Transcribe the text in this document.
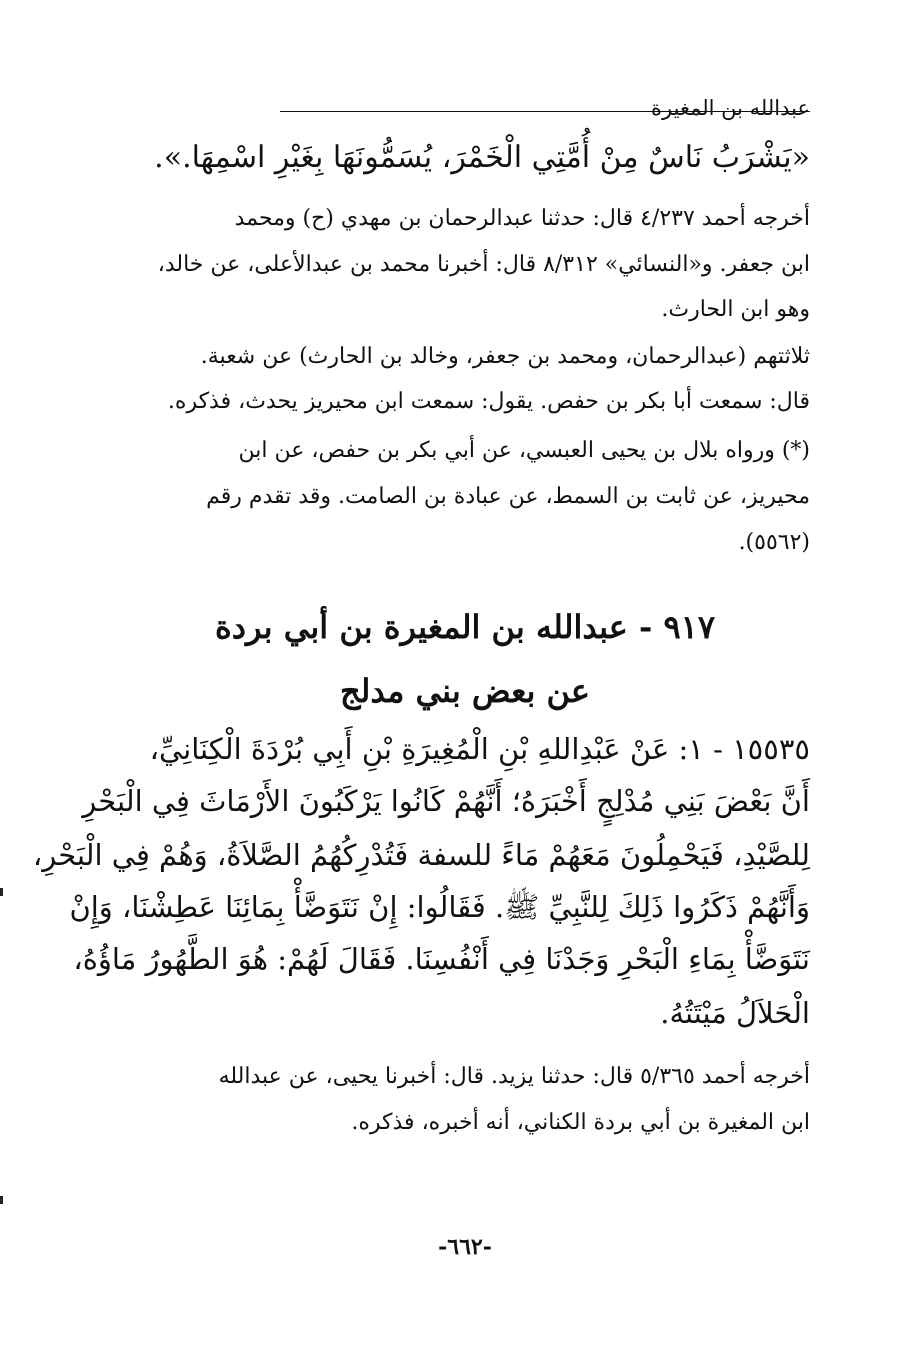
عبدالله بن المغيرة
«يَشْرَبُ نَاسٌ مِنْ أُمَّتِي الْخَمْرَ، يُسَمُّونَهَا بِغَيْرِ اسْمِهَا.».
أخرجه أحمد ٤/٢٣٧ قال: حدثنا عبدالرحمان بن مهدي (ح) ومحمد
ابن جعفر. و«النسائي» ٨/٣١٢ قال: أخبرنا محمد بن عبدالأعلى، عن خالد،
وهو ابن الحارث.
ثلاثتهم (عبدالرحمان، ومحمد بن جعفر، وخالد بن الحارث) عن شعبة.
قال: سمعت أبا بكر بن حفص. يقول: سمعت ابن محيريز يحدث، فذكره.
(*) ورواه بلال بن يحيى العبسي، عن أبي بكر بن حفص، عن ابن
محيريز، عن ثابت بن السمط، عن عبادة بن الصامت. وقد تقدم رقم
(٥٥٦٢).
٩١٧ - عبدالله بن المغيرة بن أبي بردة
عن بعض بني مدلج
١٥٥٣٥ - ١: عَنْ عَبْدِاللهِ بْنِ الْمُغِيرَةِ بْنِ أَبِي بُرْدَةَ الْكِنَانِيِّ،
أَنَّ بَعْضَ بَنِي مُدْلِجٍ أَخْبَرَهُ؛ أَنَّهُمْ كَانُوا يَرْكَبُونَ الأَرْمَاثَ فِي الْبَحْرِ
لِلصَّيْدِ، فَيَحْمِلُونَ مَعَهُمْ مَاءً للسفة فَتُدْرِكُهُمُ الصَّلاَةُ، وَهُمْ فِي الْبَحْرِ،
وَأَنَّهُمْ ذَكَرُوا ذَلِكَ لِلنَّبِيِّ ﷺ. فَقَالُوا: إِنْ نَتَوَضَّأْ بِمَائِنَا عَطِشْنَا، وَإِنْ
نَتَوَضَّأْ بِمَاءِ الْبَحْرِ وَجَدْنَا فِي أَنْفُسِنَا. فَقَالَ لَهُمْ: هُوَ الطَّهُورُ مَاؤُهُ،
الْحَلاَلُ مَيْتَتُهُ.
أخرجه أحمد ٥/٣٦٥ قال: حدثنا يزيد. قال: أخبرنا يحيى، عن عبدالله
ابن المغيرة بن أبي بردة الكناني، أنه أخبره، فذكره.
-٦٦٢-
